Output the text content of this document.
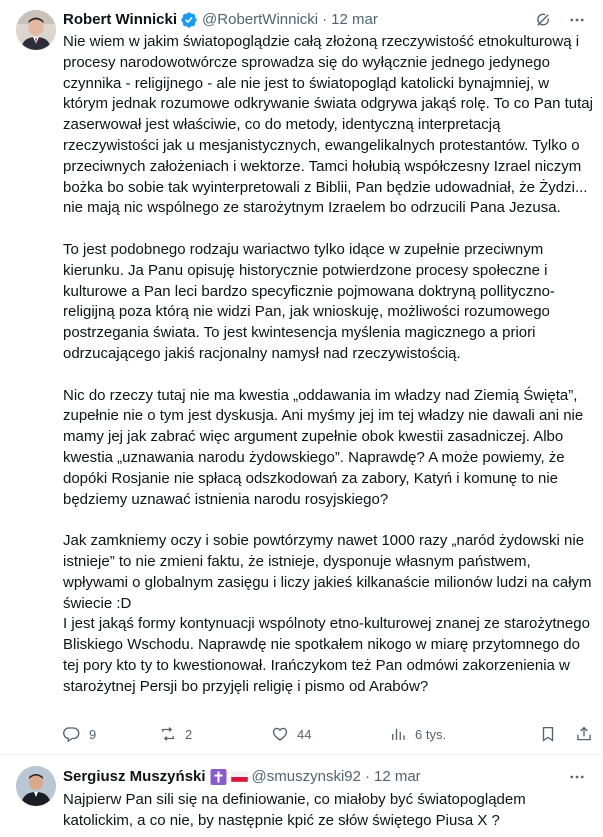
Robert Winnicki @RobertWinnicki · 12 mar

Nie wiem w jakim światopoglądzie całą złożoną rzeczywistość etnokulturową i procesy narodowotwórcze sprowadza się do wyłącznie jednego jedynego czynnika - religijnego - ale nie jest to światopogląd katolicki bynajmniej, w którym jednak rozumowe odkrywanie świata odgrywa jakąś rolę. To co Pan tutaj zaserwował jest właściwie, co do metody, identyczną interpretacją rzeczywistości jak u mesjanistycznych, ewangelikalnych protestantów. Tylko o przeciwnych założeniach i wektorze. Tamci hołubią współczesny Izrael niczym bożka bo sobie tak wyinterpretowali z Biblii, Pan będzie udowadniał, że Żydzi... nie mają nic wspólnego ze starożytnym Izraelem bo odrzucili Pana Jezusa.

To jest podobnego rodzaju wariactwo tylko idące w zupełnie przeciwnym kierunku. Ja Panu opisuję historycznie potwierdzone procesy społeczne i kulturowe a Pan leci bardzo specyficznie pojmowana doktryną pollityczno-religijną poza którą nie widzi Pan, jak wnioskuję, możliwości rozumowego postrzegania świata. To jest kwintesencja myślenia magicznego a priori odrzucającego jakiś racjonalny namysł nad rzeczywistością.

Nic do rzeczy tutaj nie ma kwestia „oddawania im władzy nad Ziemią Święta”, zupełnie nie o tym jest dyskusja. Ani myśmy jej im tej władzy nie dawali ani nie mamy jej jak zabrać więc argument zupełnie obok kwestii zasadniczej. Albo kwestia „uznawania narodu żydowskiego”. Naprawdę? A może powiemy, że dopóki Rosjanie nie spłacą odszkodowań za zabory, Katyń i komunę to nie będziemy uznawać istnienia narodu rosyjskiego?

Jak zamkniemy oczy i sobie powtórzymy nawet 1000 razy „naród żydowski nie istnieje” to nie zmieni faktu, że istnieje, dysponuje własnym państwem, wpływami o globalnym zasięgu i liczy jakieś kilkanaście milionów ludzi na całym świecie :D

I jest jakąś formy kontynuacji wspólnoty etno-kulturowej znanej ze starożytnego Bliskiego Wschodu. Naprawdę nie spotkałem nikogo w miarę przytomnego do tej pory kto ty to kwestionował. Irańczykom też Pan odmówi zakorzenienia w starożytnej Persji bo przyjęli religię i pismo od Arabów?

9	2	44	6 tys.
Sergiusz Muszyński	@smuszynski92 · 12 mar

Najpierw Pan sili się na definiowanie, co miałoby być światopoglądem katolickim, a co nie, by następnie kpić ze słów świętego Piusa X ?
